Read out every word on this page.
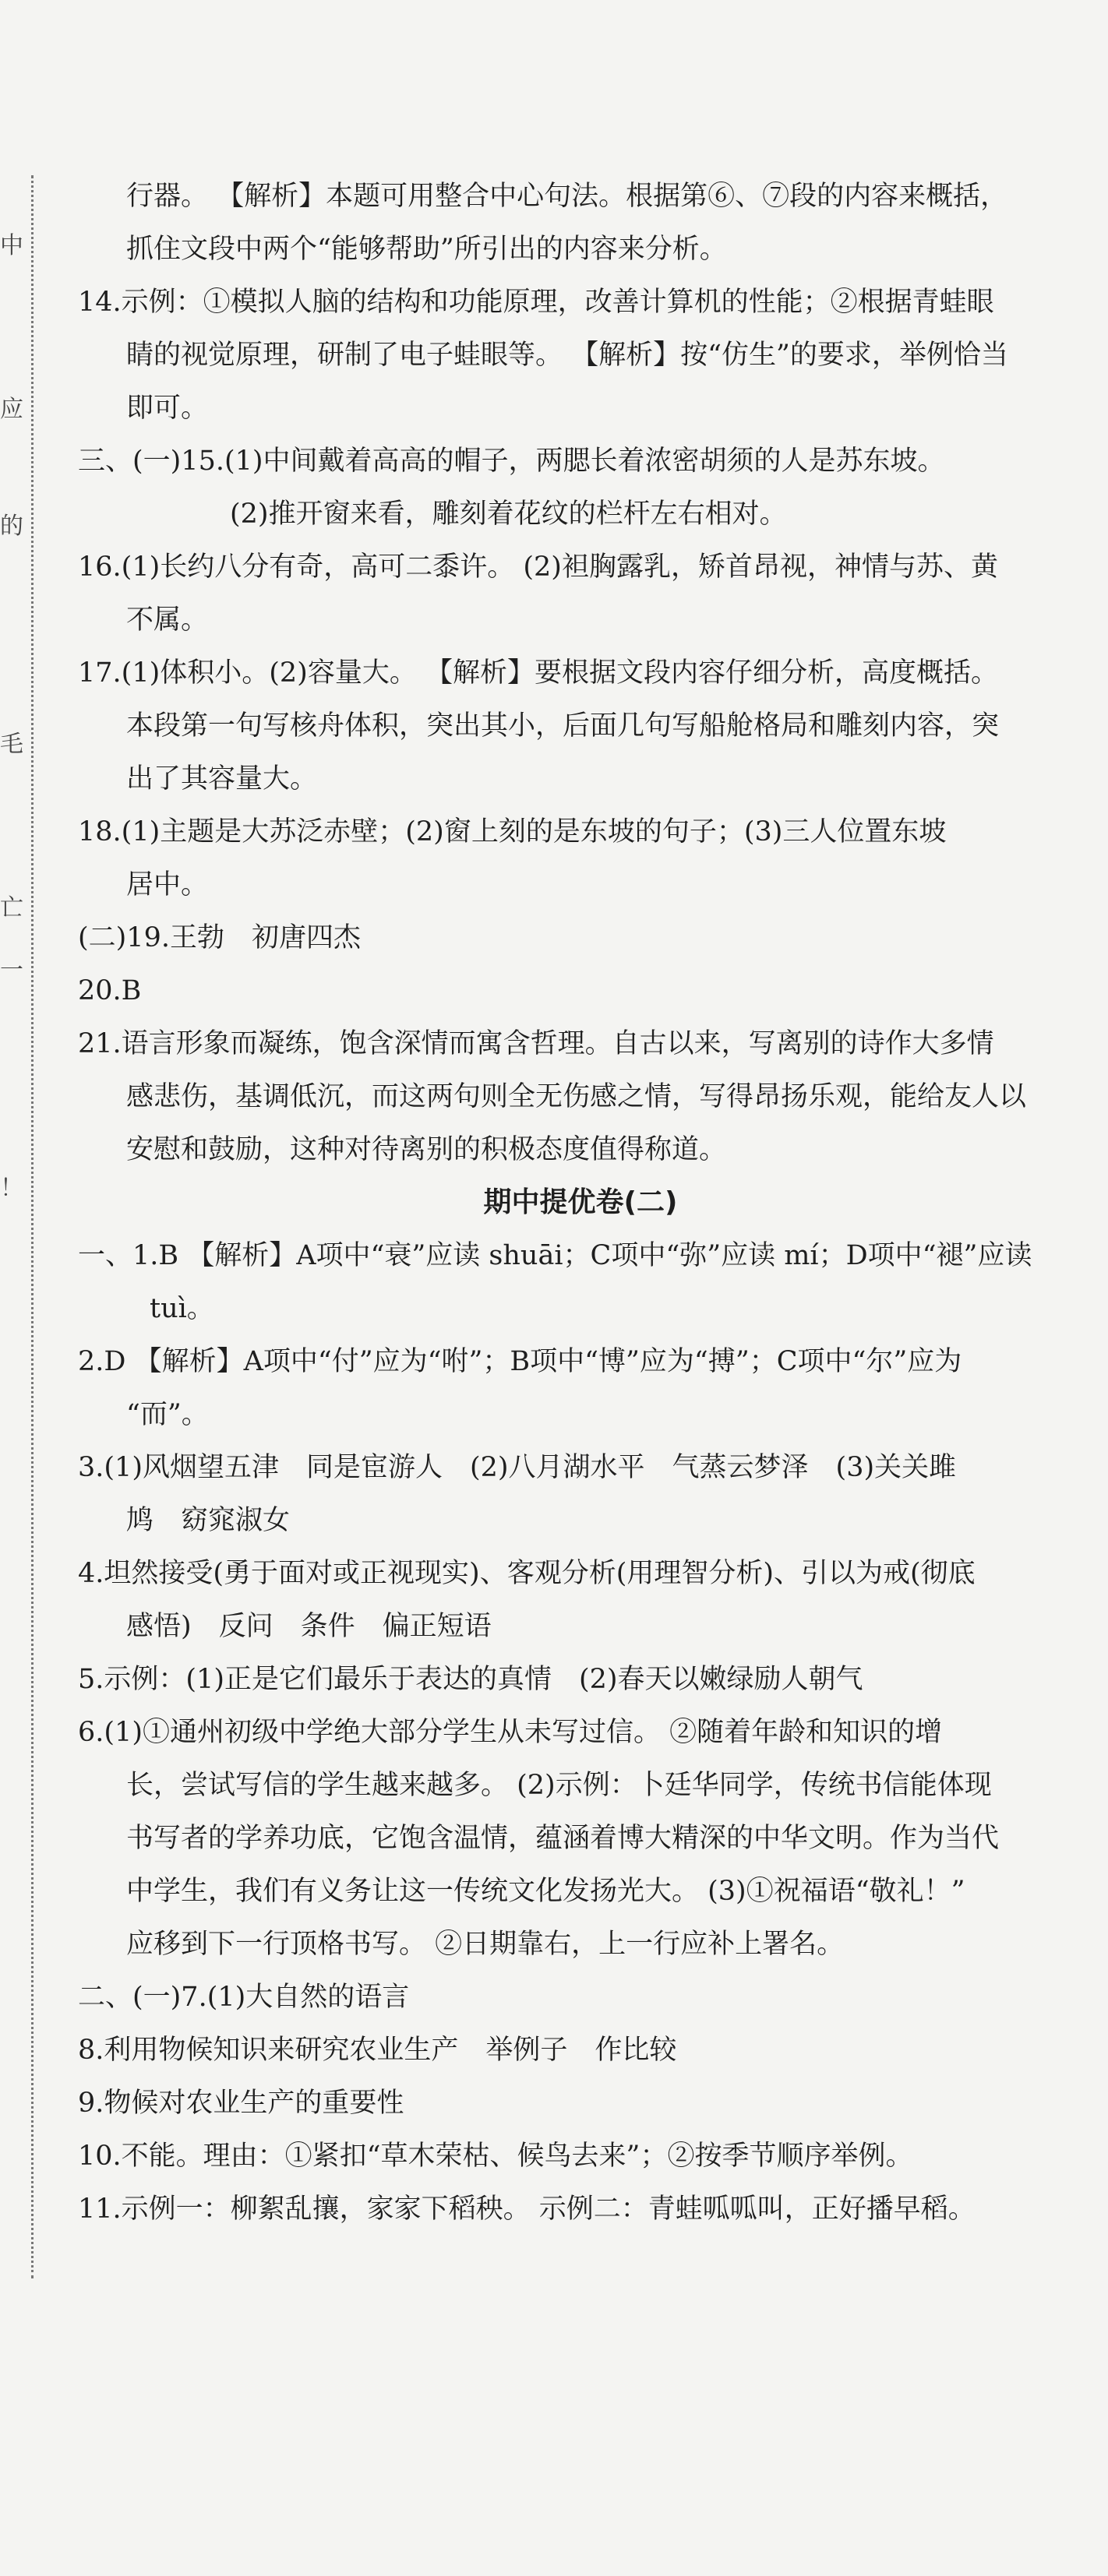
中
应
的
毛
亡
一
！
行器。 【解析】本题可用整合中心句法。根据第⑥、⑦段的内容来概括，
抓住文段中两个“能够帮助”所引出的内容来分析。
14.示例：①模拟人脑的结构和功能原理，改善计算机的性能；②根据青蛙眼
睛的视觉原理，研制了电子蛙眼等。 【解析】按“仿生”的要求，举例恰当
即可。
三、(一)15.(1)中间戴着高高的帽子，两腮长着浓密胡须的人是苏东坡。
(2)推开窗来看，雕刻着花纹的栏杆左右相对。
16.(1)长约八分有奇，高可二黍许。 (2)袒胸露乳，矫首昂视，神情与苏、黄
不属。
17.(1)体积小。(2)容量大。 【解析】要根据文段内容仔细分析，高度概括。
本段第一句写核舟体积，突出其小，后面几句写船舱格局和雕刻内容，突
出了其容量大。
18.(1)主题是大苏泛赤壁；(2)窗上刻的是东坡的句子；(3)三人位置东坡
居中。
(二)19.王勃　初唐四杰
20.B
21.语言形象而凝练，饱含深情而寓含哲理。自古以来，写离别的诗作大多情
感悲伤，基调低沉，而这两句则全无伤感之情，写得昂扬乐观，能给友人以
安慰和鼓励，这种对待离别的积极态度值得称道。
期中提优卷(二)
一、1.B 【解析】A项中“衰”应读 shuāi；C项中“弥”应读 mí；D项中“褪”应读
tuì。
2.D 【解析】A项中“付”应为“咐”；B项中“博”应为“搏”；C项中“尔”应为
“而”。
3.(1)风烟望五津　同是宦游人　(2)八月湖水平　气蒸云梦泽　(3)关关雎
鸠　窈窕淑女
4.坦然接受(勇于面对或正视现实)、客观分析(用理智分析)、引以为戒(彻底
感悟)　反问　条件　偏正短语
5.示例：(1)正是它们最乐于表达的真情　(2)春天以嫩绿励人朝气
6.(1)①通州初级中学绝大部分学生从未写过信。 ②随着年龄和知识的增
长，尝试写信的学生越来越多。 (2)示例：卜廷华同学，传统书信能体现
书写者的学养功底，它饱含温情，蕴涵着博大精深的中华文明。作为当代
中学生，我们有义务让这一传统文化发扬光大。 (3)①祝福语“敬礼！”
应移到下一行顶格书写。 ②日期靠右，上一行应补上署名。
二、(一)7.(1)大自然的语言
8.利用物候知识来研究农业生产　举例子　作比较
9.物候对农业生产的重要性
10.不能。理由：①紧扣“草木荣枯、候鸟去来”；②按季节顺序举例。
11.示例一：柳絮乱攘，家家下稻秧。 示例二：青蛙呱呱叫，正好播早稻。
